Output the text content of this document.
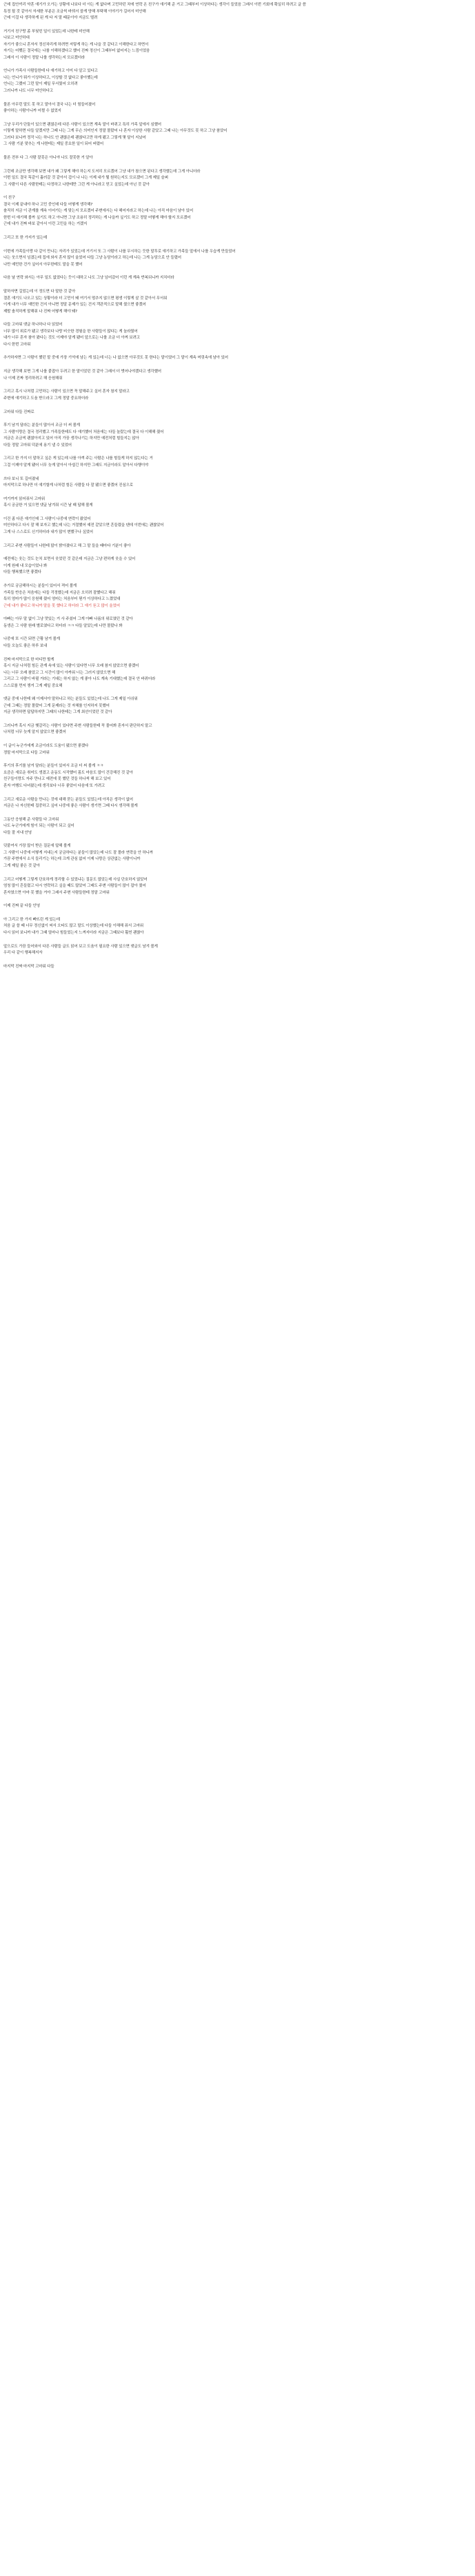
근데 집안끼리 약혼 얘기가 오가는 상황에 나보다 더 아는 게 없다며 고민하던 차에 연락 온 친구가 얘기해 준 거고 그때부터 이상하다는 생각이 들었음 그래서 이번 기회에 확실히 하려고 글 씀
특정 될 것 같아서 자세한 부분은 조금씩 바꿔서 쓸게 양해 부탁해 이야기가 길어서 미안해
근데 이걸 다 생각하게 된 게 다 저 말 때문이야 지금도 떨려
거기서 친구랑 좀 부딪힌 일이 있었는데 나한테 미안해
나보고 미안하대
자기가 좋으니 혼자서 정신차리게 하려면 저렇게 하는 게 나을 것 같다고 이해한다고 하면서
자기는 어쨌든 결국에는 나를 이해하겠다고 했어 진짜 정신이 그때부터 없어지는 느낌이었음
그래서 이 사람이 정말 나를 생각하는지 모르겠더라
언니가 가족사 사람들한테 다 얘기하고 이미 다 알고 있다고
나는 언니가 뭐가 이상하다고, 이상할 것 없다고 좋아했는데
언니는 그랬어 그런 말이 제일 무서웠어 오히려
그러니까 나도 너무 미안하다고
물론 아무런 말도 못 하고 말아서 결국 나는 더 힘들어졌어
좋아하는 사람이니까 어쩔 수 없었지
그냥 우리가 단둘이 있으면 괜찮은데 다른 사람이 있으면 계속 말이 바뀌고 특히 가족 앞에서 심했어
이렇게 말하면 다들 알겠지만 그때 나는 그게 무슨 의미인지 정말 몰랐어 나 혼자 이상한 사람 같았고 그때 나는 아무것도 못 하고 그냥 참았어
그러다 보니까 정작 나는 하나도 안 괜찮은데 괜찮다고만 하게 됐고 그렇게 몇 달이 지났어
그 사람 기분 맞추는 게 나한테는 제일 중요한 일이 되어 버렸어
물론 전부 다 그 사람 잘못은 아니야 나도 잘못한 거 알아
그런데 조금만 생각해 보면 내가 왜 그렇게 해야 하는지 도저히 모르겠어 그냥 내가 참으면 된다고 생각했는데 그게 아니더라
이번 일도 결국 똑같이 흘러갈 것 같아서 겁이 나 나는 이제 내가 뭘 원하는지도 모르겠어 그게 제일 슬퍼
그 사람이 다른 사람한테는 다정하고 나한테만 그런 게 아니라고 믿고 싶었는데 아닌 것 같아
이 친구
결국 이제 끝내야 하나 고민 중인데 다들 어떻게 생각해?
솔직히 지금 이 관계를 계속 이어가는 게 맞는지 모르겠어 주변에서는 다 헤어지라고 하는데 나는 아직 마음이 남아 있어
한번 더 얘기해 볼까 싶기도 하고 아니면 그냥 조용히 정리하는 게 나을까 싶기도 하고 정말 어떻게 해야 할지 모르겠어
근데 내가 진짜 바보 같아서 이런 고민을 하는 거겠지
그리고 또 한 가지가 있는데
이번에 가족들이랑 다 같이 만나는 자리가 있었는데 거기서 또 그 사람이 나를 무시하는 듯한 말투로 얘기하고 가족들 앞에서 나를 우습게 만들었어
나는 웃으면서 넘겼는데 집에 와서 혼자 많이 울었어 다들 그냥 농담이라고 하는데 나는 그게 농담으로 안 들렸어
나만 예민한 건가 싶어서 아무한테도 말을 못 했어
다음 날 연락 와서는 아무 일도 없었다는 듯이 대하고 나도 그냥 넘어갔어 이런 게 계속 반복되니까 지치더라
말하자면 길었는데 이 정도면 다 말한 것 같아
결혼 얘기도 나오고 있는 상황이라 더 고민이 돼 여기서 멈추지 않으면 평생 이렇게 살 것 같아서 무서워
이게 내가 너무 예민한 건지 아니면 정말 문제가 있는 건지 객관적으로 말해 줬으면 좋겠어
제발 솔직하게 말해줘 나 진짜 어떻게 해야 돼?
다들 고마워 댓글 하나하나 다 읽었어
너무 많이 위로가 됐고 생각보다 나랑 비슷한 경험을 한 사람들이 많다는 게 놀라웠어
내가 너무 혼자 참아 왔다는 것도 이제야 알게 됐어 앞으로는 나를 조금 더 아껴 보려고
다시 한번 고마워
추가하자면 그 사람이 했던 말 중에 가장 기억에 남는 게 있는데 너는 나 없으면 아무것도 못 한다는 말이었어 그 말이 계속 머릿속에 남아 있어
지금 생각해 보면 그게 나를 붙잡아 두려고 한 말이었던 것 같아 그래서 더 벗어나야겠다고 생각했어
나 이제 진짜 정리하려고 해 응원해줘
그리고 혹시 나처럼 고민하는 사람이 있으면 꼭 말해주고 싶어 혼자 참지 말라고
주변에 얘기하고 도움 받으라고 그게 정말 중요하더라
고마워 다들 진짜로
후기 남겨 달라는 분들이 많아서 조금 더 써 볼게
그 사람이랑은 결국 정리했고 가족들한테도 다 얘기했어 처음에는 다들 놀랐는데 결국 다 이해해 줬어
지금은 조금씩 괜찮아지고 있어 아직 가끔 생각나기는 하지만 예전처럼 힘들지는 않아
다들 정말 고마워 덕분에 용기 낼 수 있었어
그리고 한 가지 더 말하고 싶은 게 있는데 나를 아껴 주는 사람은 나를 힘들게 하지 않는다는 거
그걸 이제야 알게 됐어 너무 늦게 알아서 아쉽긴 하지만 그래도 지금이라도 알아서 다행이야
쓰다 보니 또 길어졌네
마지막으로 하나만 더 얘기할게 나처럼 힘든 사람들 다 잘 됐으면 좋겠어 진심으로
여기까지 읽어줘서 고마워
혹시 궁금한 거 있으면 댓글 남겨줘 시간 날 때 답해 볼게
이건 좀 다른 얘기인데 그 사람이 나중에 연락이 왔었어
미안하다고 다시 잘 해 보자고 했는데 나는 거절했어 예전 같았으면 흔들렸을 텐데 이번에는 괜찮았어
그게 나 스스로도 신기하더라 내가 많이 변했구나 싶었어
그리고 주변 사람들이 나한테 많이 밝아졌다고 해 그 말 들을 때마다 기분이 좋아
예전에는 웃는 것도 눈치 보면서 웃었던 것 같은데 지금은 그냥 편하게 웃을 수 있어
이게 원래 내 모습이었나 봐
다들 행복했으면 좋겠다
추가로 궁금해하시는 분들이 있어서 적어 볼게
가족들 반응은 처음에는 다들 걱정했는데 지금은 오히려 잘했다고 해줘
특히 엄마가 많이 응원해 줬어 엄마는 처음부터 뭔가 이상하다고 느꼈었대
근데 내가 좋다고 하니까 말을 못 했다고 하더라 그 얘기 듣고 많이 울었어
아빠는 아무 말 없이 그냥 맛있는 거 사 주셨어 그게 아빠 나름의 위로였던 것 같아
동생은 그 사람 원래 별로였다고 하더라 ㅋㅋ 다들 알았는데 나만 몰랐나 봐
나중에 또 시간 되면 근황 남겨 볼게
다들 오늘도 좋은 하루 보내
진짜 마지막으로 한 마디만 할게
혹시 지금 나처럼 힘든 관계 속에 있는 사람이 있다면 너무 오래 참지 않았으면 좋겠어
나는 너무 오래 참았고 그 시간이 많이 아까워 너는 그러지 않았으면 해
그리고 그 사람이 바뀔 거라는 기대는 하지 않는 게 좋아 나도 계속 기대했는데 결국 안 바뀌더라
스스로를 먼저 챙겨 그게 제일 중요해
댓글 중에 나한테 왜 이제서야 말하냐고 하는 분들도 있었는데 나도 그게 제일 아쉬워
근데 그때는 정말 몰랐어 그게 문제라는 것 자체를 인지하지 못했어
지금 생각하면 답답하지만 그때의 나한테는 그게 최선이었던 것 같아
그러니까 혹시 지금 헷갈리는 사람이 있다면 주변 사람들한테 꼭 물어봐 혼자서 판단하지 말고
나처럼 너무 늦게 알지 않았으면 좋겠어
이 글이 누군가에게 조금이라도 도움이 됐으면 좋겠다
정말 마지막으로 다들 고마워
후기의 후기를 남겨 달라는 분들이 있어서 조금 더 써 볼게 ㅋㅋ
요즘은 새로운 취미도 생겼고 운동도 시작했어 몸도 마음도 많이 건강해진 것 같아
친구들이랑도 자주 만나고 예전에 못 했던 것들 하나씩 해 보고 있어
혼자 여행도 다녀왔는데 생각보다 너무 좋았어 다음에 또 가려고
그리고 새로운 사람을 만나는 것에 대해 묻는 분들도 있었는데 아직은 생각이 없어
지금은 나 자신한테 집중하고 싶어 나중에 좋은 사람이 생기면 그때 다시 생각해 볼게
그동안 응원해 준 사람들 다 고마워
나도 누군가에게 힘이 되는 사람이 되고 싶어
다들 잘 지내 안녕
덧붙여서 가장 많이 받은 질문에 답해 볼게
그 사람이 나중에 어떻게 지내는지 궁금하다는 분들이 많았는데 나도 잘 몰라 연락을 안 하니까
가끔 주변에서 소식 들리기는 하는데 크게 관심 없어 이제 나랑은 상관없는 사람이니까
그게 제일 좋은 것 같아
그리고 어떻게 그렇게 단호하게 정리할 수 있었냐는 질문도 많았는데 사실 단호하지 않았어
엄청 많이 흔들렸고 다시 연락하고 싶을 때도 많았어 그래도 주변 사람들이 많이 잡아 줬어
혼자였으면 아마 못 했을 거야 그래서 주변 사람들한테 정말 고마워
이제 진짜 끝 다들 안녕
아 그리고 한 가지 빠뜨린 게 있는데
처음 글 쓸 때 너무 정신없이 써서 오타도 많고 말도 이상했는데 다들 이해해 줘서 고마워
다시 읽어 보니까 내가 그때 얼마나 힘들었는지 느껴지더라 지금은 그때보다 훨씬 괜찮아
앞으로도 가끔 들어와서 다른 사람들 글도 읽어 보고 도움이 필요한 사람 있으면 댓글도 남겨 볼게
우리 다 같이 행복해지자
마지막 진짜 마지막 고마워 다들
